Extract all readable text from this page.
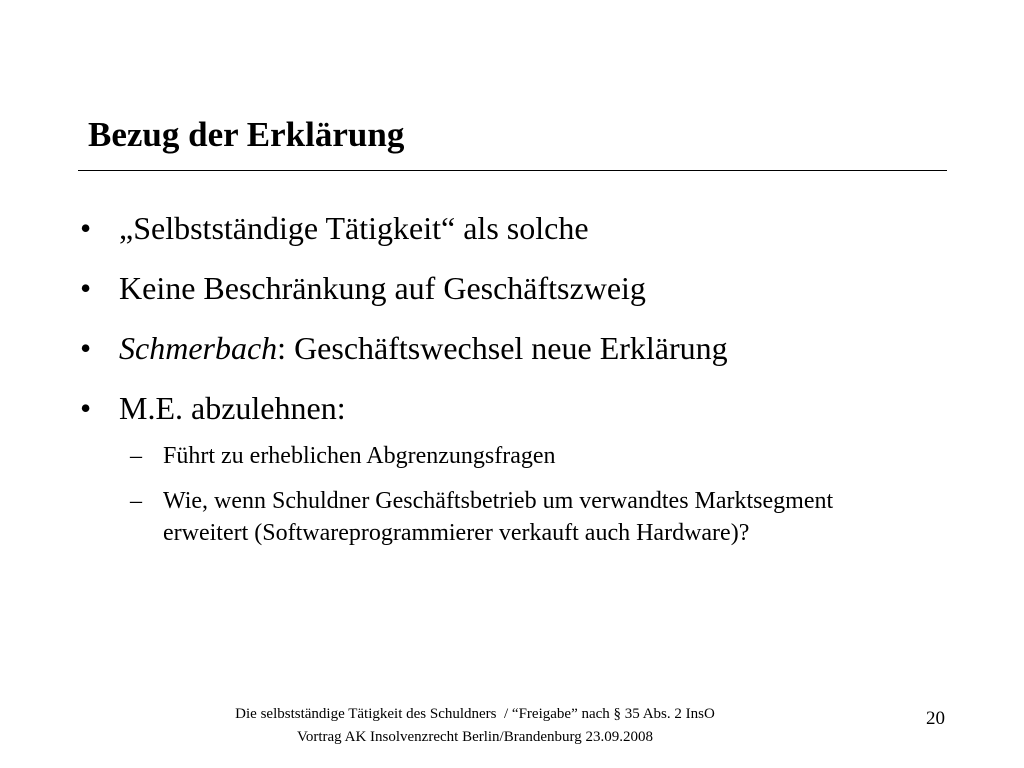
Bezug der Erklärung
• „Selbstständige Tätigkeit“ als solche
• Keine Beschränkung auf Geschäftszweig
• Schmerbach: Geschäftswechsel neue Erklärung
• M.E. abzulehnen:
– Führt zu erheblichen Abgrenzungsfragen
– Wie, wenn Schuldner Geschäftsbetrieb um verwandtes Marktsegment erweitert (Softwareprogrammierer verkauft auch Hardware)?
Die selbstständige Tätigkeit des Schuldners  / “Freigabe” nach § 35 Abs. 2 InsO
Vortrag AK Insolvenzrecht Berlin/Brandenburg 23.09.2008
20
